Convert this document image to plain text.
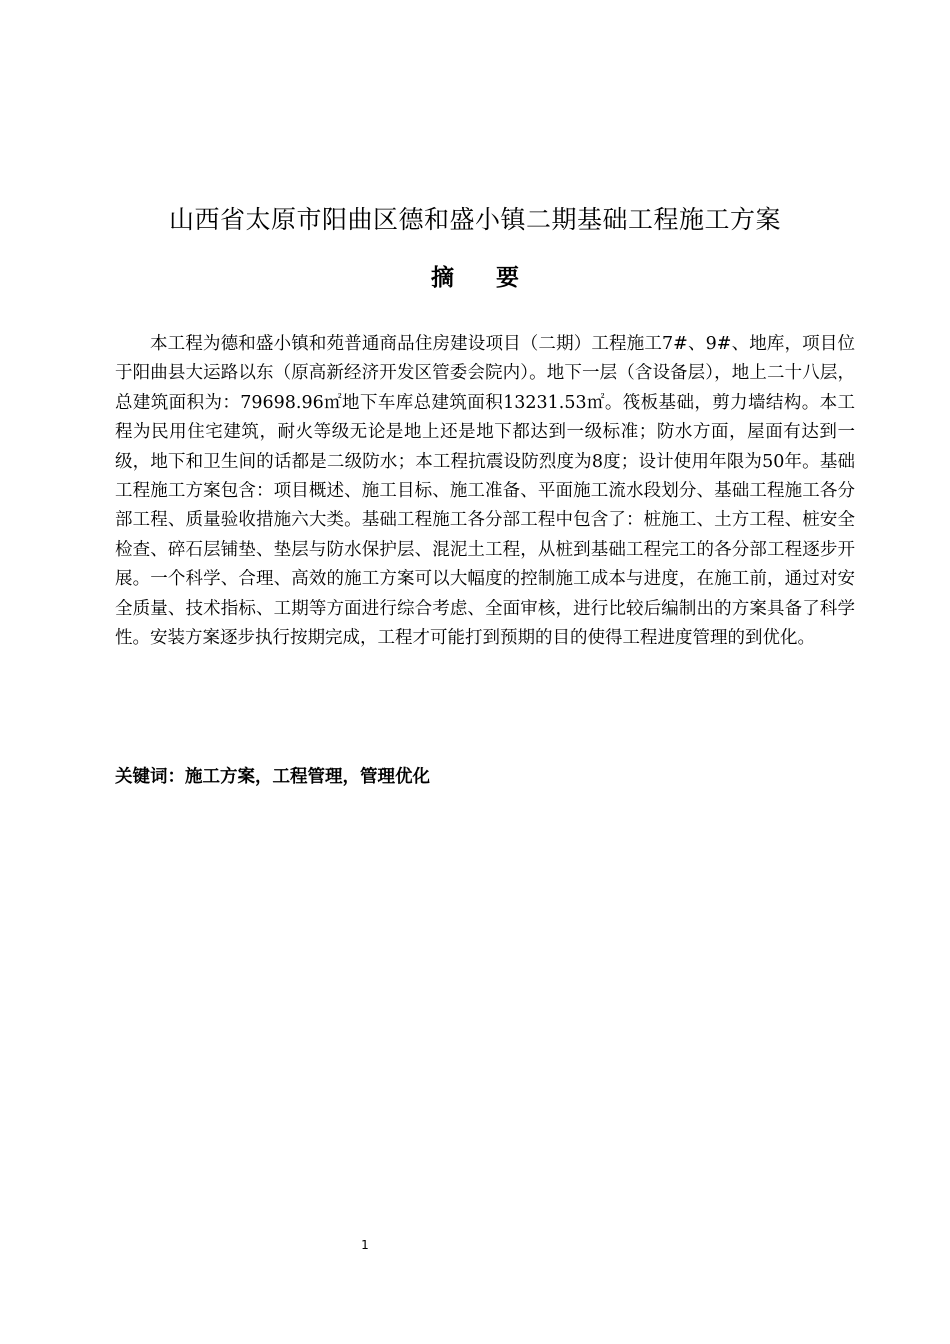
山西省太原市阳曲区德和盛小镇二期基础工程施工方案
摘要

本工程为德和盛小镇和苑普通商品住房建设项目（二期）工程施工7#、9#、地库，项目位于阳曲县大运路以东（原高新经济开发区管委会院内）。地下一层（含设备层），地上二十八层，总建筑面积为：79698.96㎡地下车库总建筑面积13231.53㎡。筏板基础，剪力墙结构。本工程为民用住宅建筑，耐火等级无论是地上还是地下都达到一级标准；防水方面，屋面有达到一级，地下和卫生间的话都是二级防水；本工程抗震设防烈度为8度；设计使用年限为50年。基础工程施工方案包含：项目概述、施工目标、施工准备、平面施工流水段划分、基础工程施工各分部工程、质量验收措施六大类。基础工程施工各分部工程中包含了：桩施工、土方工程、桩安全检查、碎石层铺垫、垫层与防水保护层、混泥土工程，从桩到基础工程完工的各分部工程逐步开展。一个科学、合理、高效的施工方案可以大幅度的控制施工成本与进度，在施工前，通过对安全质量、技术指标、工期等方面进行综合考虑、全面审核，进行比较后编制出的方案具备了科学性。安装方案逐步执行按期完成，工程才可能打到预期的目的使得工程进度管理的到优化。

关键词：施工方案，工程管理，管理优化

1
